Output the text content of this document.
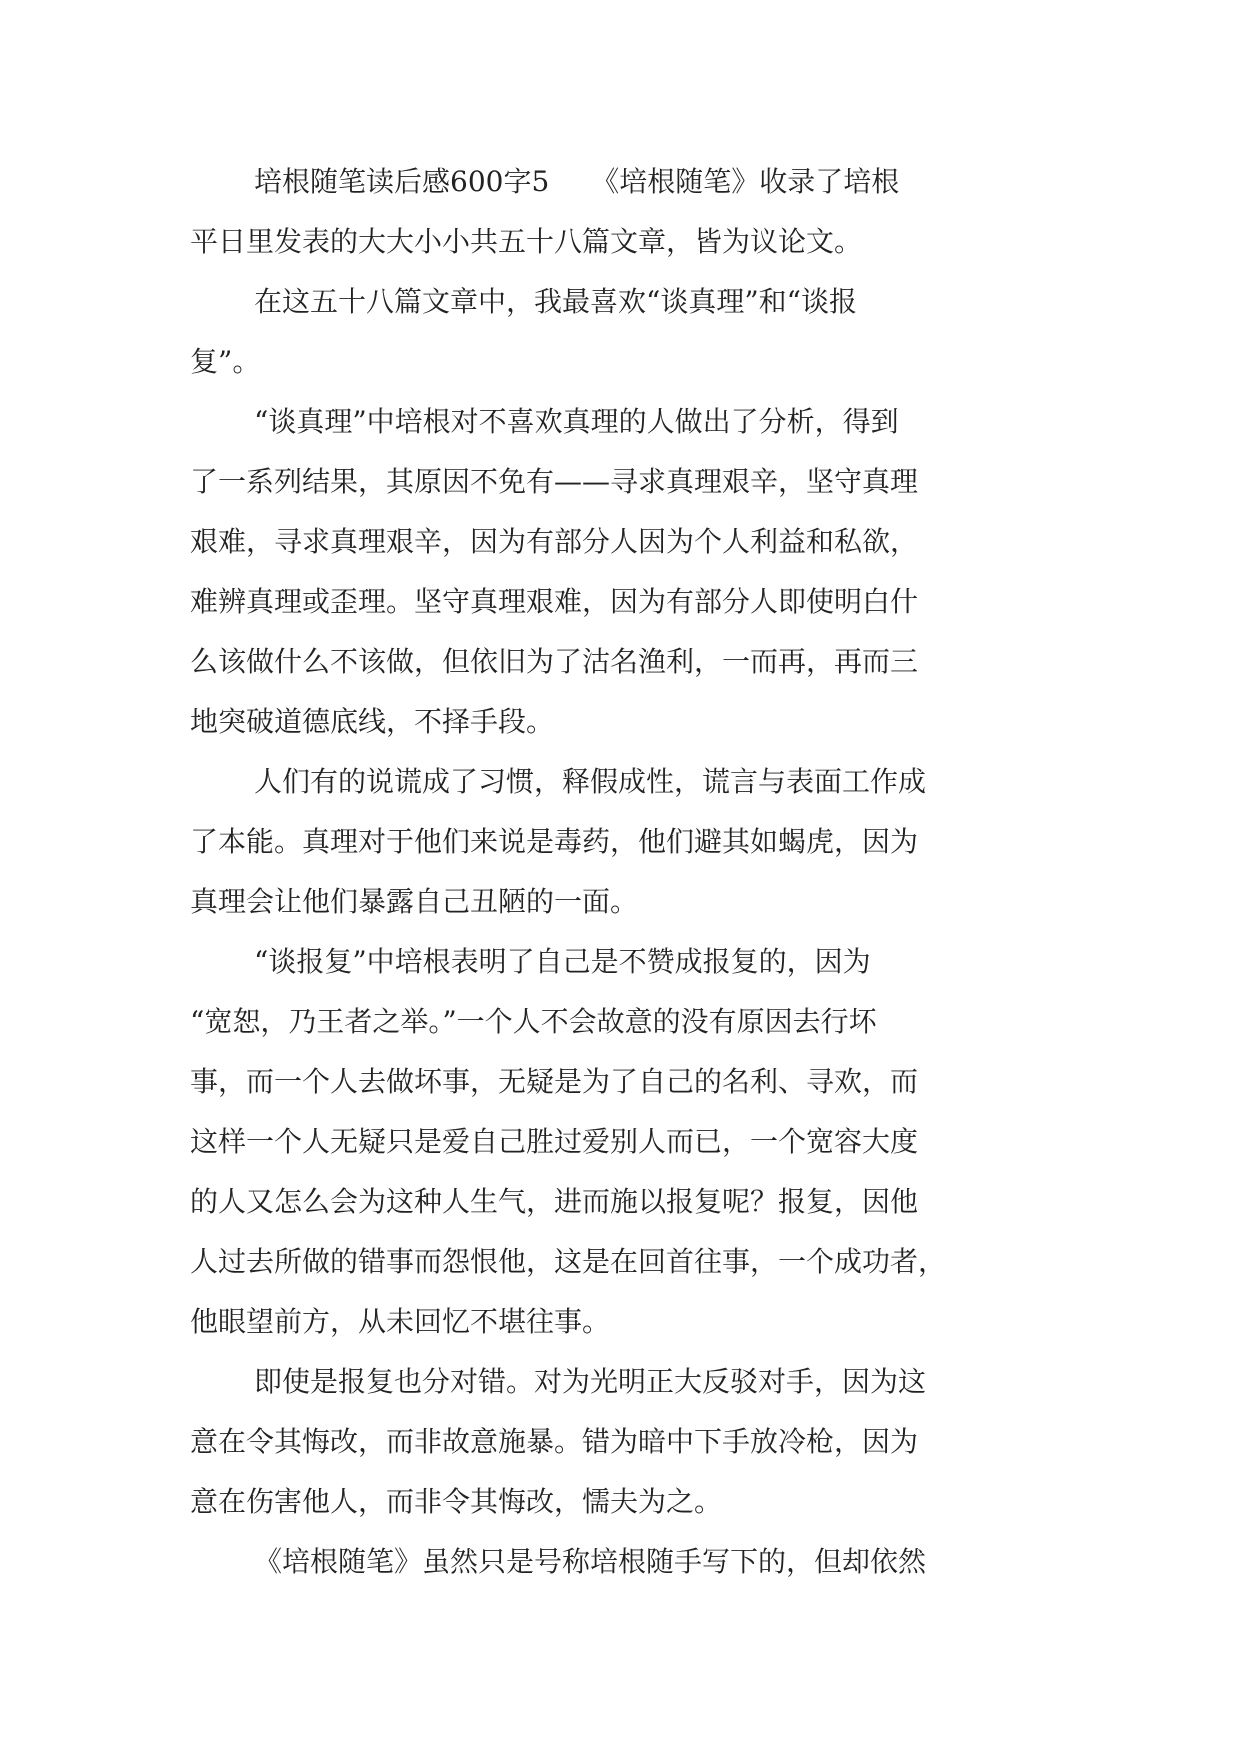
培根随笔读后感600字5　　《培根随笔》收录了培根
平日里发表的大大小小共五十八篇文章，皆为议论文。
在这五十八篇文章中，我最喜欢“谈真理”和“谈报
复”。
“谈真理”中培根对不喜欢真理的人做出了分析，得到
了一系列结果，其原因不免有——寻求真理艰辛，坚守真理
艰难，寻求真理艰辛，因为有部分人因为个人利益和私欲，
难辨真理或歪理。坚守真理艰难，因为有部分人即使明白什
么该做什么不该做，但依旧为了沽名渔利，一而再，再而三
地突破道德底线，不择手段。
人们有的说谎成了习惯，释假成性，谎言与表面工作成
了本能。真理对于他们来说是毒药，他们避其如蝎虎，因为
真理会让他们暴露自己丑陋的一面。
“谈报复”中培根表明了自己是不赞成报复的，因为
“宽恕，乃王者之举。”一个人不会故意的没有原因去行坏
事，而一个人去做坏事，无疑是为了自己的名利、寻欢，而
这样一个人无疑只是爱自己胜过爱别人而已，一个宽容大度
的人又怎么会为这种人生气，进而施以报复呢？报复，因他
人过去所做的错事而怨恨他，这是在回首往事，一个成功者，
他眼望前方，从未回忆不堪往事。
即使是报复也分对错。对为光明正大反驳对手，因为这
意在令其悔改，而非故意施暴。错为暗中下手放冷枪，因为
意在伤害他人，而非令其悔改，懦夫为之。
《培根随笔》虽然只是号称培根随手写下的，但却依然
